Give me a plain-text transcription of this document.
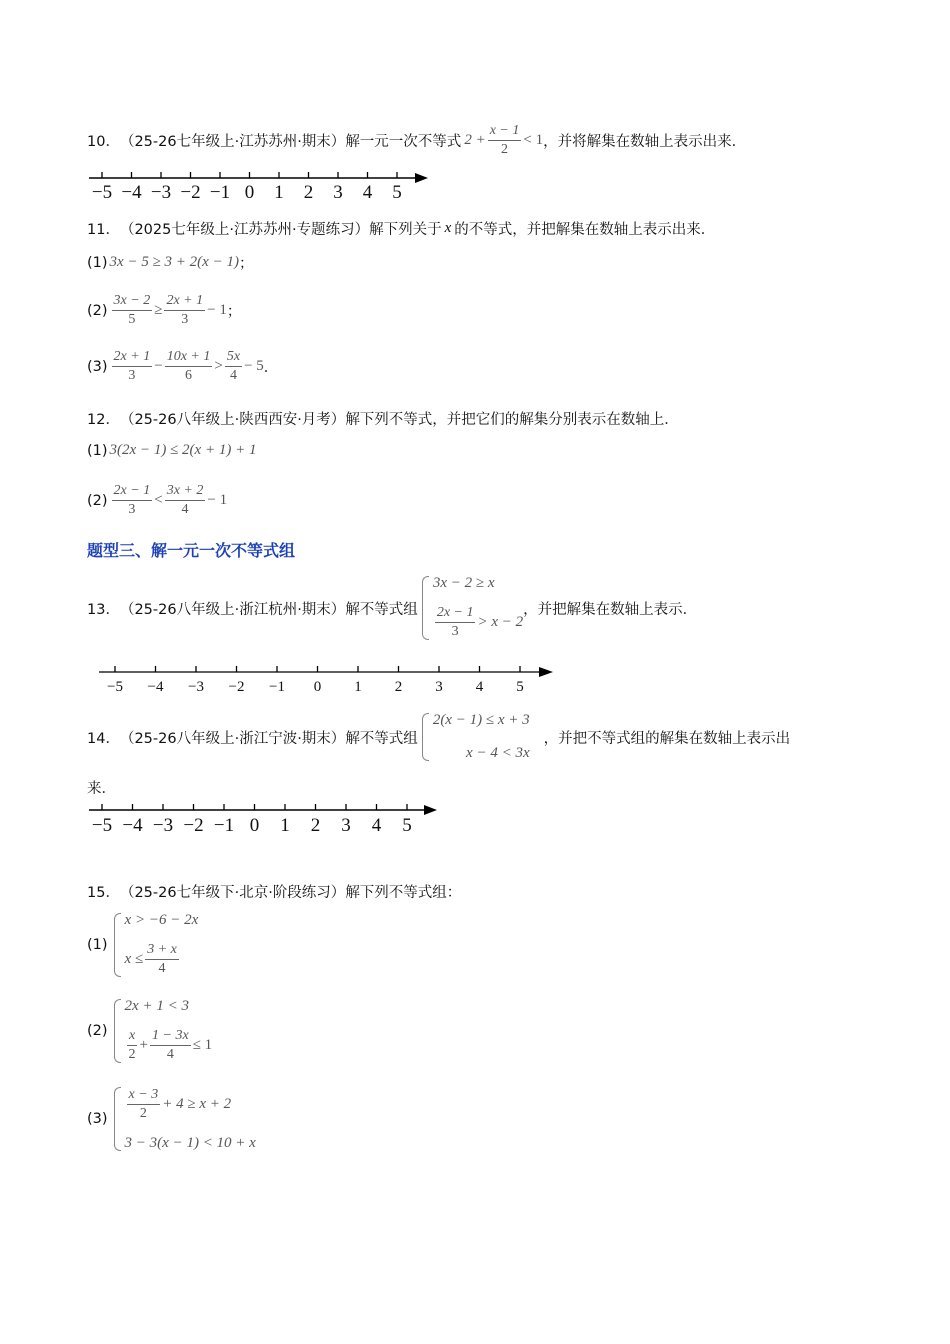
10． （25-26七年级上·江苏苏州·期末） 解一元一次不等式 $2 + \frac{x - 1}{2} < 1$ ，并将解集在数轴上表示出来．
−5 −4 −3 −2 −1 0 1 2 3 4 5
11． （2025七年级上·江苏苏州·专题练习） 解下列关于 x 的不等式，并把解集在数轴上表示出来．
(1) 3x − 5 ≥ 3 + 2(x − 1) ；
$(2) \frac{3x - 2}{5} \ge \frac{2x + 1}{3} - 1$ ；
$(3) \frac{2x + 1}{3} - \frac{10x + 1}{6} > \frac{5x}{4} - 5$ ．
12． （25-26八年级上·陕西西安·月考） 解下列不等式，并把它们的解集分别表示在数轴上．
(1) 3(2x − 1) ≤ 2(x + 1) + 1
$(2) \frac{2x - 1}{3} < \frac{3x + 2}{4} - 1$
题型三、解一元一次不等式组
13． （25-26八年级上·浙江杭州·期末） 解不等式组
3x − 2 ≥ x
$\frac{2x - 1}{3} > x - 2$
，并把解集在数轴上表示．
−5 −4 −3 −2 −1 0 1 2 3 4 5
14． （25-26八年级上·浙江宁波·期末） 解不等式组
2(x − 1) ≤ x + 3
x − 4 < 3x
，并把不等式组的解集在数轴上表示出
来．
−5 −4 −3 −2 −1 0 1 2 3 4 5
15． （25-26七年级下·北京·阶段练习） 解下列不等式组：
(1)
x > −6 − 2x
$x \le \frac{3 + x}{4}$
(2)
2x + 1 < 3
$\frac{x}{2} + \frac{1 - 3x}{4} \le 1$
$(3) \frac{x - 3}{2} + 4 \ge x + 2$
3 − 3(x − 1) < 10 + x
